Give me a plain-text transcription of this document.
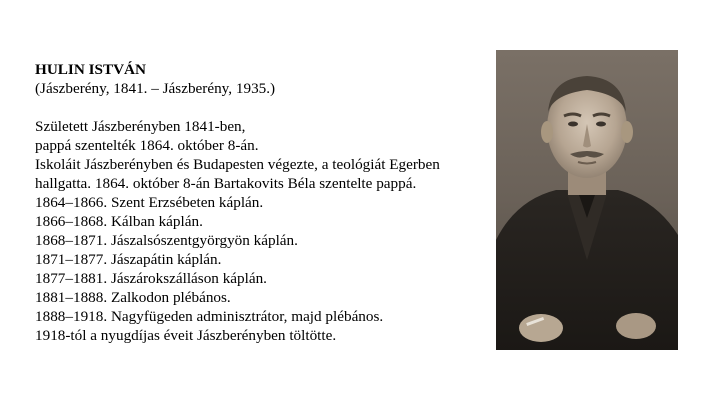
HULIN ISTVÁN
(Jászberény, 1841. – Jászberény, 1935.)
Született Jászberényben 1841-ben,
pappá szentelték 1864. október 8-án.
Iskoláit Jászberényben és Budapesten végezte, a teológiát Egerben
hallgatta. 1864. október 8-án Bartakovits Béla szentelte pappá.
1864–1866. Szent Erzsébeten káplán.
1866–1868. Kálban káplán.
1868–1871. Jászalsószentgyörgyön káplán.
1871–1877. Jászapátin káplán.
1877–1881. Jászárokszálláson káplán.
1881–1888. Zalkodon plébános.
1888–1918. Nagyfügeden adminisztrátor, majd plébános.
1918-tól a nyugdíjas éveit Jászberényben töltötte.
